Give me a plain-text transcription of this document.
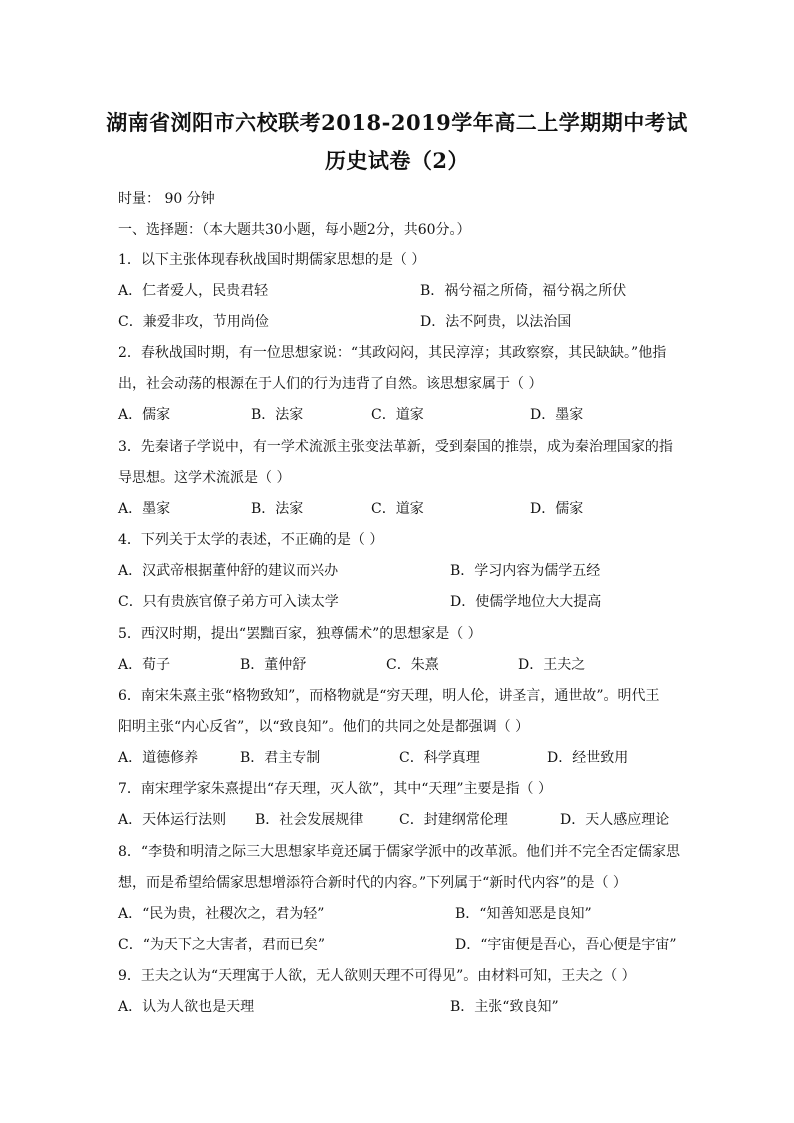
湖南省浏阳市六校联考2018-2019学年高二上学期期中考试
历史试卷（2）
时量： 90 分钟
一、选择题：（本大题共30小题，每小题2分，共60分。）
1．以下主张体现春秋战国时期儒家思想的是（ ）
A．仁者爱人，民贵君轻	B．祸兮福之所倚，福兮祸之所伏
C．兼爱非攻，节用尚俭	D．法不阿贵，以法治国
2．春秋战国时期，有一位思想家说：“其政闷闷，其民淳淳；其政察察，其民缺缺。”他指
出，社会动荡的根源在于人们的行为违背了自然。该思想家属于（ ）
A．儒家	B．法家	C．道家	D．墨家
3．先秦诸子学说中，有一学术流派主张变法革新，受到秦国的推崇，成为秦治理国家的指
导思想。这学术流派是（ ）
A．墨家	B．法家	C．道家	D．儒家
4．下列关于太学的表述，不正确的是（ ）
A．汉武帝根据董仲舒的建议而兴办	B．学习内容为儒学五经
C．只有贵族官僚子弟方可入读太学	D．使儒学地位大大提高
5．西汉时期，提出“罢黜百家，独尊儒术”的思想家是（ ）
A．荀子	B．董仲舒	C．朱熹	D．王夫之
6．南宋朱熹主张“格物致知”，而格物就是“穷天理，明人伦，讲圣言，通世故”。明代王
阳明主张“内心反省”，以“致良知”。他们的共同之处是都强调（ ）
A．道德修养	B．君主专制	C．科学真理	D．经世致用
7．南宋理学家朱熹提出“存天理，灭人欲”，其中“天理”主要是指（ ）
A．天体运行法则 B．社会发展规律	C．封建纲常伦理	D．天人感应理论
8．“李贽和明清之际三大思想家毕竟还属于儒家学派中的改革派。他们并不完全否定儒家思
想，而是希望给儒家思想增添符合新时代的内容。”下列属于“新时代内容”的是（ ）
A．“民为贵，社稷次之，君为轻”	B．“知善知恶是良知”
C．“为天下之大害者，君而已矣”	D．“宇宙便是吾心，吾心便是宇宙”
9．王夫之认为“天理寓于人欲，无人欲则天理不可得见”。由材料可知，王夫之（ ）
A．认为人欲也是天理	B．主张“致良知”
